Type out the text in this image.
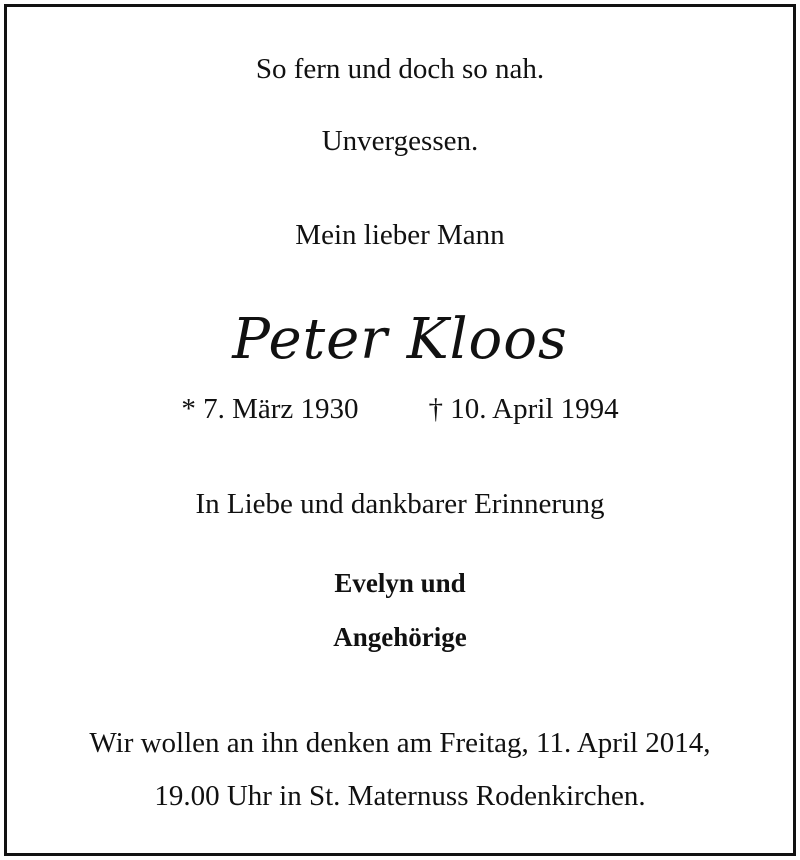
So fern und doch so nah.
Unvergessen.
Mein lieber Mann
Peter Kloos
* 7. März 1930 † 10. April 1994
In Liebe und dankbarer Erinnerung
Evelyn und
Angehörige
Wir wollen an ihn denken am Freitag, 11. April 2014,
19.00 Uhr in St. Maternuss Rodenkirchen.
